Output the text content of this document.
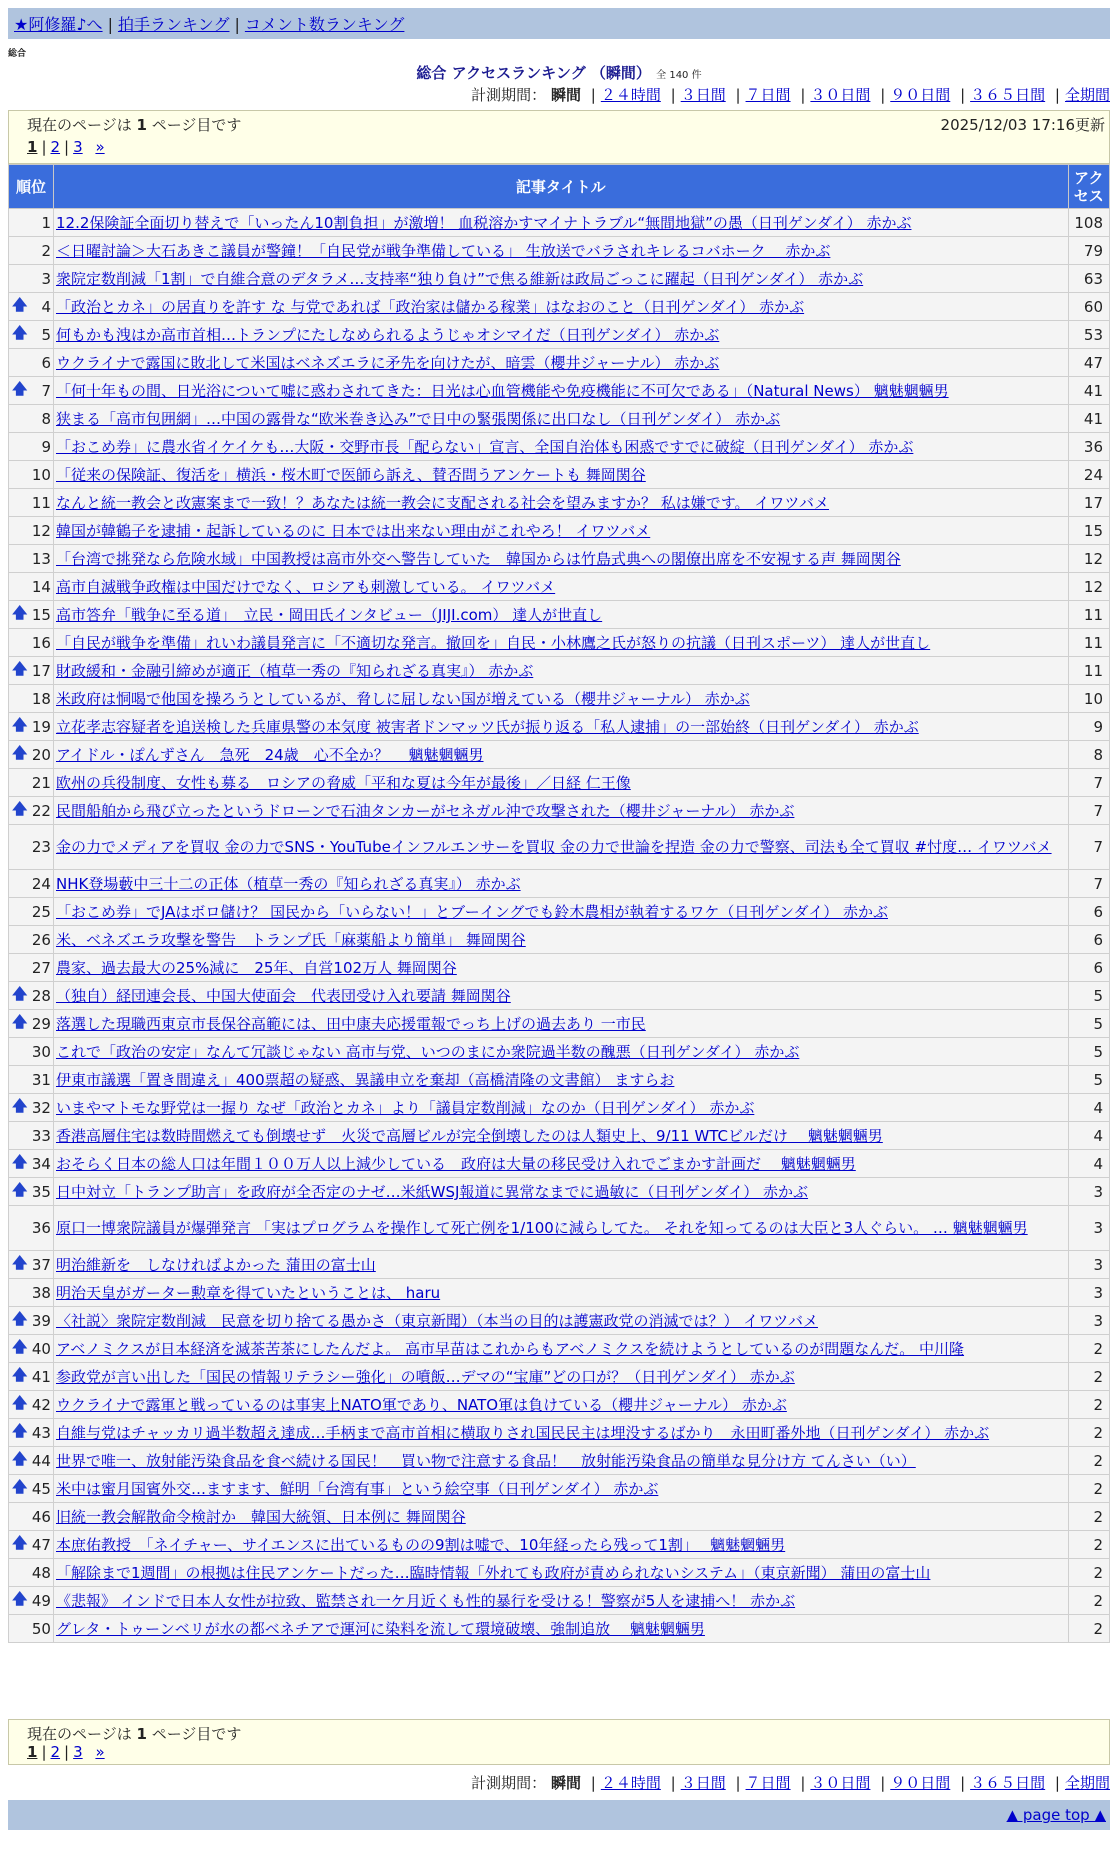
★阿修羅♪へ | 拍手ランキング | コメント数ランキング
総合
総合 アクセスランキング （瞬間） 全 140 件
計測期間： 瞬間 | ２４時間 | ３日間 | ７日間 | ３０日間 | ９０日間 | ３６５日間 | 全期間
現在のページは 1 ページ目です	2025/12/03 17:16更新
1 | 2 | 3 »
順位	記事タイトル	アクセス
1	12.2保険証全面切り替えで「いったん10割負担」が激増！ 血税溶かすマイナトラブル“無間地獄”の愚（日刊ゲンダイ） 赤かぶ	108
2	＜日曜討論＞大石あきこ議員が警鐘！「自民党が戦争準備している」 生放送でバラされキレるコバホーク　 赤かぶ	79
3	衆院定数削減「1割」で自維合意のデタラメ…支持率“独り負け”で焦る維新は政局ごっこに躍起（日刊ゲンダイ） 赤かぶ	63

🡅 4	「政治とカネ」の居直りを許す な 与党であれば「政治家は儲かる稼業」はなおのこと（日刊ゲンダイ） 赤かぶ	60

🡅 5	何もかも洩はか高市首相…トランプにたしなめられるようじゃオシマイだ（日刊ゲンダイ） 赤かぶ	53
6	ウクライナで露国に敗北して米国はベネズエラに矛先を向けたが、暗雲（櫻井ジャーナル） 赤かぶ	47

🡅 7	「何十年もの間、日光浴について嘘に惑わされてきた：日光は心血管機能や免疫機能に不可欠である」（Natural News） 魑魅魍魎男	41
8	狭まる「高市包囲網」…中国の露骨な“欧米巻き込み”で日中の緊張関係に出口なし（日刊ゲンダイ） 赤かぶ	41
9	「おこめ券」に農水省イケイケも…大阪・交野市長「配らない」宣言、全国自治体も困惑ですでに破綻（日刊ゲンダイ） 赤かぶ	36
10	「従来の保険証、復活を」横浜・桜木町で医師ら訴え、賛否問うアンケートも 舞岡関谷	24
11	なんと統一教会と改憲案まで一致！？あなたは統一教会に支配される社会を望みますか？ 私は嫌です。 イワツバメ	17
12	韓国が韓鶴子を逮捕・起訴しているのに 日本では出来ない理由がこれやろ！ イワツバメ	15
13	「台湾で挑発なら危険水域」中国教授は高市外交へ警告していた　韓国からは竹島式典への閣僚出席を不安視する声 舞岡関谷	12
14	高市自滅戦争政権は中国だけでなく、ロシアも刺激している。 イワツバメ	12

🡅 15	高市答弁「戦争に至る道」　立民・岡田氏インタビュー（JIJI.com） 達人が世直し	11
16	「自民が戦争を準備」れいわ議員発言に「不適切な発言。撤回を」自民・小林鷹之氏が怒りの抗議（日刊スポーツ） 達人が世直し	11

🡅 17	財政緩和・金融引締めが適正（植草一秀の『知られざる真実』） 赤かぶ	11
18	米政府は恫喝で他国を操ろうとしているが、脅しに屈しない国が増えている（櫻井ジャーナル） 赤かぶ	10

🡅 19	立花孝志容疑者を追送検した兵庫県警の本気度 被害者ドンマッツ氏が振り返る「私人逮捕」の一部始終（日刊ゲンダイ） 赤かぶ	9

🡅 20	アイドル・ぽんずさん　急死　24歳　心不全か？　 魑魅魍魎男	8
21	欧州の兵役制度、女性も募る　ロシアの脅威「平和な夏は今年が最後」／日経 仁王像	7

🡅 22	民間船舶から飛び立ったというドローンで石油タンカーがセネガル沖で攻撃された（櫻井ジャーナル） 赤かぶ	7
23	金の力でメディアを買収 金の力でSNS・YouTubeインフルエンサーを買収 金の力で世論を捏造 金の力で警察、司法も全て買収 #忖度… イワツバメ	7
24	NHK登場藪中三十二の正体（植草一秀の『知られざる真実』） 赤かぶ	7
25	「おこめ券」でJAはボロ儲け？ 国民から「いらない！」とブーイングでも鈴木農相が執着するワケ（日刊ゲンダイ） 赤かぶ	6
26	米、ベネズエラ攻撃を警告　トランプ氏「麻薬船より簡単」 舞岡関谷	6
27	農家、過去最大の25%減に　25年、自営102万人 舞岡関谷	6

🡅 28	（独自）経団連会長、中国大使面会　代表団受け入れ要請 舞岡関谷	5

🡅 29	落選した現職西東京市長保谷高範には、田中康夫応援電報でっち上げの過去あり 一市民	5
30	これで「政治の安定」なんて冗談じゃない 高市与党、いつのまにか衆院過半数の醜悪（日刊ゲンダイ） 赤かぶ	5
31	伊東市議選「置き間違え」400票超の疑惑、異議申立を棄却（高橋清隆の文書館） ますらお	5

🡅 32	いまやマトモな野党は一握り なぜ「政治とカネ」より「議員定数削減」なのか（日刊ゲンダイ） 赤かぶ	4
33	香港高層住宅は数時間燃えても倒壊せず　火災で高層ビルが完全倒壊したのは人類史上、9/11 WTCビルだけ　 魑魅魍魎男	4

🡅 34	おそらく日本の総人口は年間１００万人以上減少している　政府は大量の移民受け入れでごまかす計画だ　 魑魅魍魎男	4

🡅 35	日中対立「トランプ助言」を政府が全否定のナゼ…米紙WSJ報道に異常なまでに過敏に（日刊ゲンダイ） 赤かぶ	3
36	原口一博衆院議員が爆弾発言 「実はプログラムを操作して死亡例を1/100に減らしてた。 それを知ってるのは大臣と3人ぐらい。 … 魑魅魍魎男	3

🡅 37	明治維新を　しなければよかった 蒲田の富士山	3
38	明治天皇がガーター勲章を得ていたということは、 haru	3

🡅 39	〈社説〉衆院定数削減　民意を切り捨てる愚かさ（東京新聞）（本当の目的は護憲政党の消滅では？） イワツバメ	3

🡅 40	アベノミクスが日本経済を滅茶苦茶にしたんだよ。 高市早苗はこれからもアベノミクスを続けようとしているのが問題なんだ。 中川隆	2

🡅 41	参政党が言い出した「国民の情報リテラシー強化」の噴飯…デマの“宝庫”どの口が？（日刊ゲンダイ） 赤かぶ	2

🡅 42	ウクライナで露軍と戦っているのは事実上NATO軍であり、NATO軍は負けている（櫻井ジャーナル） 赤かぶ	2

🡅 43	自維与党はチャッカリ過半数超え達成…手柄まで高市首相に横取りされ国民民主は埋没するばかり　永田町番外地（日刊ゲンダイ） 赤かぶ	2

🡅 44	世界で唯一、放射能汚染食品を食べ続ける国民！　買い物で注意する食品！　放射能汚染食品の簡単な見分け方 てんさい（い）	2

🡅 45	米中は蜜月国賓外交…ますます、鮮明「台湾有事」という絵空事（日刊ゲンダイ） 赤かぶ	2
46	旧統一教会解散命令検討か　韓国大統領、日本例に 舞岡関谷	2

🡅 47	本庶佑教授　「ネイチャー、サイエンスに出ているものの9割は嘘で、10年経ったら残って1割」　 魑魅魍魎男	2
48	「解除まで1週間」の根拠は住民アンケートだった…臨時情報「外れても政府が責められないシステム」（東京新聞） 蒲田の富士山	2

🡅 49	《悲報》 インドで日本人女性が拉致、監禁され一ケ月近くも性的暴行を受ける！警察が5人を逮捕へ！ 赤かぶ	2
50	グレタ・トゥーンベリが水の都ベネチアで運河に染料を流して環境破壊、強制追放　 魑魅魍魎男	2
現在のページは 1 ページ目です
1 | 2 | 3 »
計測期間： 瞬間 | ２４時間 | ３日間 | ７日間 | ３０日間 | ９０日間 | ３６５日間 | 全期間
▲ page top ▲
